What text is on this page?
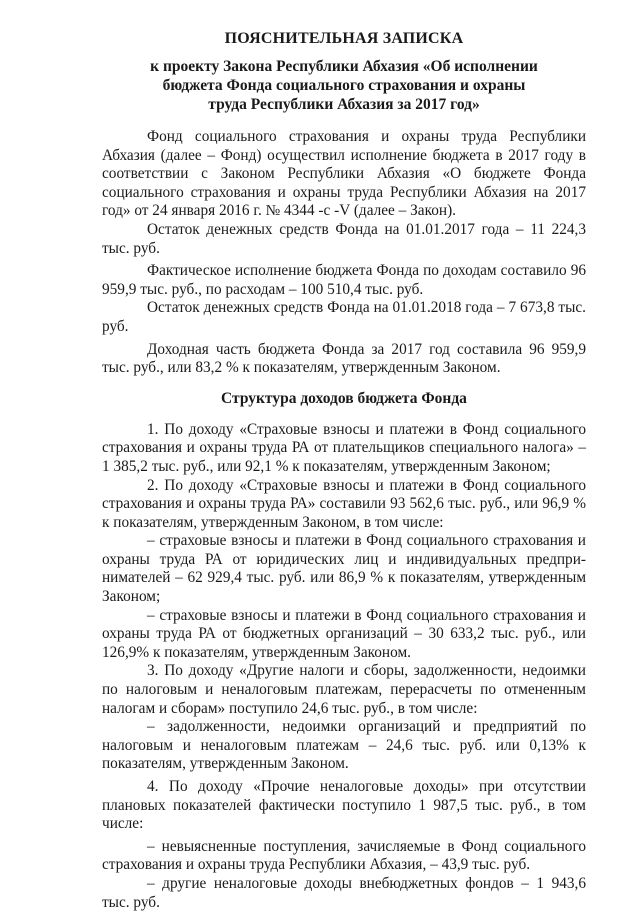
ПОЯСНИТЕЛЬНАЯ ЗАПИСКА
к проекту Закона Республики Абхазия «Об исполнении
бюджета Фонда социального страхования и охраны
труда Республики Абхазия за 2017 год»

Фонд социального страхования и охраны труда Республики Абхазия (далее – Фонд) осуществил исполнение бюджета в 2017 году в соответствии с Законом Республики Абхазия «О бюджете Фонда социального страхования и охраны труда Республики Абхазия на 2017 год» от 24 января 2016 г. № 4344 -с -V (далее – Закон).

Остаток денежных средств Фонда на 01.01.2017 года – 11 224,3 тыс. руб.

Фактическое исполнение бюджета Фонда по доходам составило 96 959,9 тыс. руб., по расходам – 100 510,4 тыс. руб.

Остаток денежных средств Фонда на 01.01.2018 года – 7 673,8 тыс. руб.

Доходная часть бюджета Фонда за 2017 год составила 96 959,9 тыс. руб., или 83,2 % к показателям, утвержденным Законом.

Структура доходов бюджета Фонда

1. По доходу «Страховые взносы и платежи в Фонд социального страхования и охраны труда РА от плательщиков специального налога» – 1 385,2 тыс. руб., или 92,1 % к показателям, утвержденным Законом;

2. По доходу «Страховые взносы и платежи в Фонд социального страхования и охраны труда РА» составили 93 562,6 тыс. руб., или 96,9 % к показателям, утвержденным Законом, в том числе:

– страховые взносы и платежи в Фонд социального страхования и охраны труда РА от юридических лиц и индивидуальных предпринимателей – 62 929,4 тыс. руб. или 86,9 % к показателям, утвержденным Законом;

– страховые взносы и платежи в Фонд социального страхования и охраны труда РА от бюджетных организаций – 30 633,2 тыс. руб., или 126,9% к показателям, утвержденным Законом.

3. По доходу «Другие налоги и сборы, задолженности, недоимки по налоговым и неналоговым платежам, перерасчеты по отмененным налогам и сборам» поступило 24,6 тыс. руб., в том числе:

– задолженности, недоимки организаций и предприятий по налоговым и неналоговым платежам – 24,6 тыс. руб. или 0,13% к показателям, утвержденным Законом.

4. По доходу «Прочие неналоговые доходы» при отсутствии плановых показателей фактически поступило 1 987,5 тыс. руб., в том числе:

– невыясненные поступления, зачисляемые в Фонд социального страхования и охраны труда Республики Абхазия, – 43,9 тыс. руб.

– другие неналоговые доходы внебюджетных фондов – 1 943,6 тыс. руб.
